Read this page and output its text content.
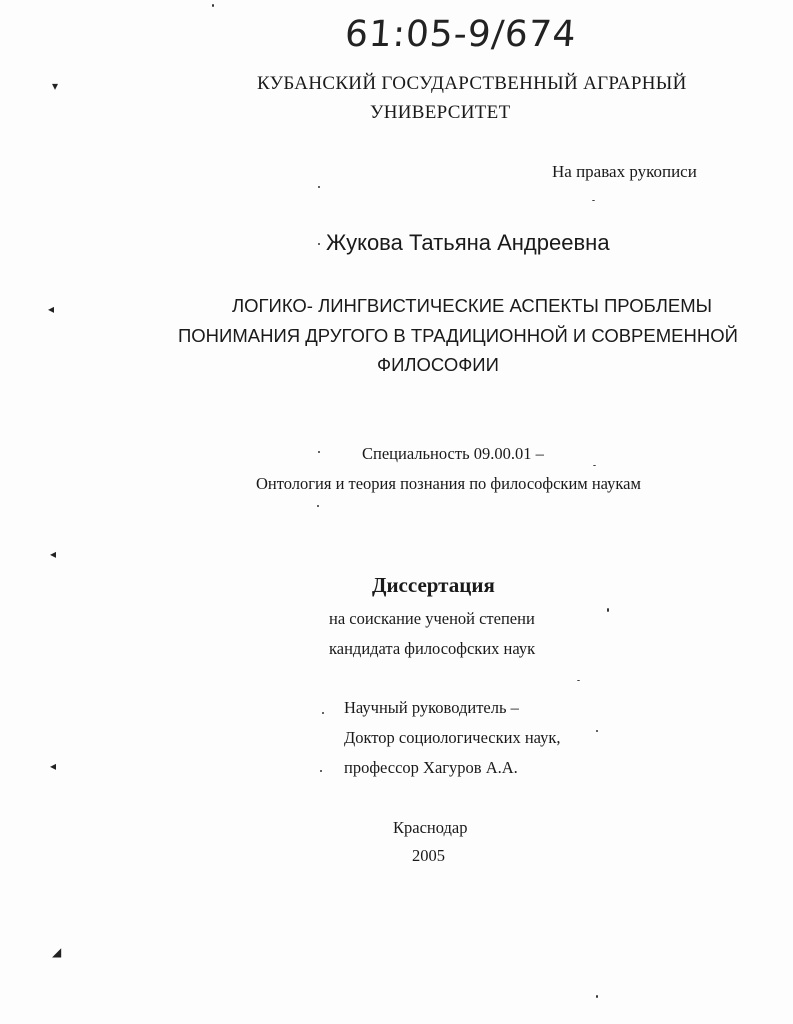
61:05-9/674
КУБАНСКИЙ ГОСУДАРСТВЕННЫЙ АГРАРНЫЙ
УНИВЕРСИТЕТ
На правах рукописи
Жукова Татьяна Андреевна
ЛОГИКО- ЛИНГВИСТИЧЕСКИЕ АСПЕКТЫ ПРОБЛЕМЫ
ПОНИМАНИЯ ДРУГОГО В ТРАДИЦИОННОЙ И СОВРЕМЕННОЙ
ФИЛОСОФИИ
Специальность 09.00.01 –
Онтология и теория познания по философским наукам
Диссертация
на соискание ученой степени
кандидата философских наук
Научный руководитель –
Доктор социологических наук,
профессор Хагуров А.А.
Краснодар
2005
▾
◂
◂
◂
◢
